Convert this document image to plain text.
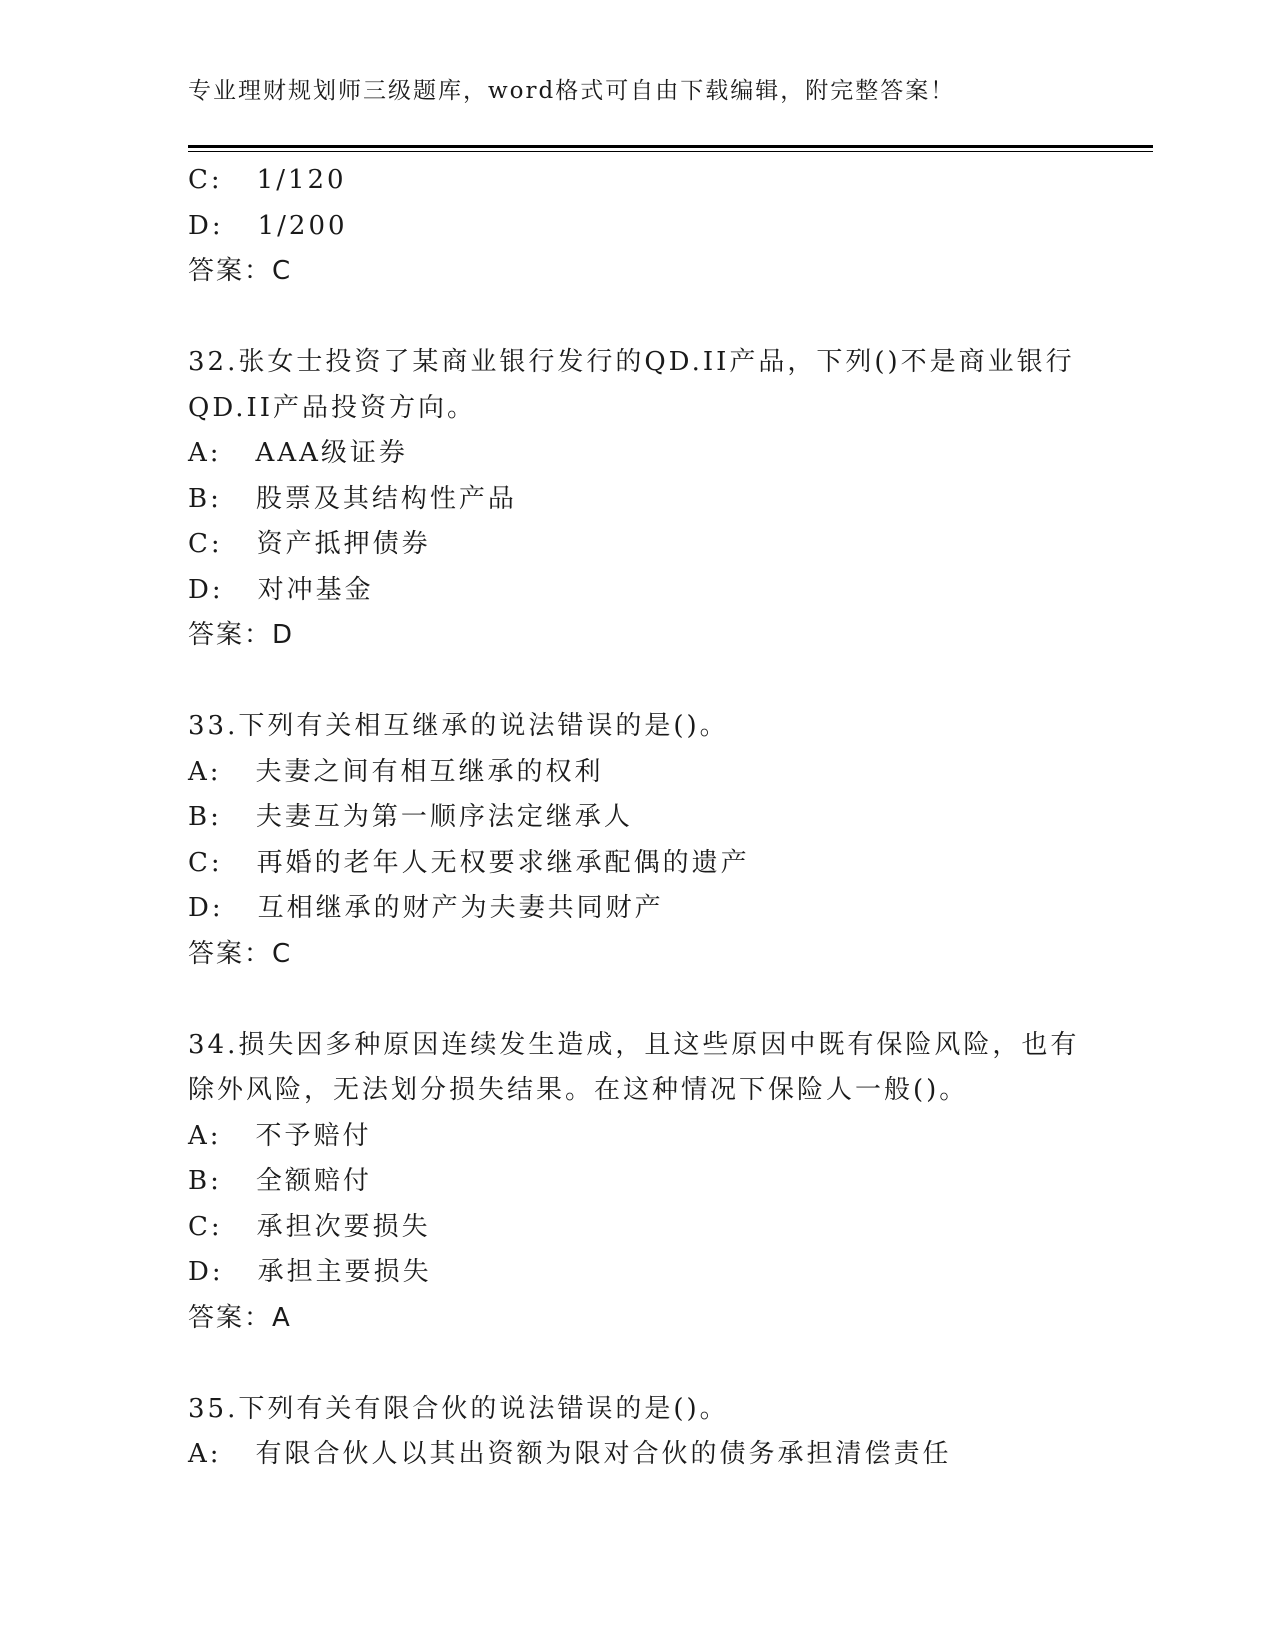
专业理财规划师三级题库，word格式可自由下载编辑，附完整答案！
C: 1/120
D: 1/200
答案：C
32.张女士投资了某商业银行发行的QD.II产品，下列()不是商业银行
QD.II产品投资方向。
A: AAA级证券
B: 股票及其结构性产品
C: 资产抵押债券
D: 对冲基金
答案：D
33.下列有关相互继承的说法错误的是()。
A: 夫妻之间有相互继承的权利
B: 夫妻互为第一顺序法定继承人
C: 再婚的老年人无权要求继承配偶的遗产
D: 互相继承的财产为夫妻共同财产
答案：C
34.损失因多种原因连续发生造成，且这些原因中既有保险风险，也有
除外风险，无法划分损失结果。在这种情况下保险人一般()。
A: 不予赔付
B: 全额赔付
C: 承担次要损失
D: 承担主要损失
答案：A
35.下列有关有限合伙的说法错误的是()。
A: 有限合伙人以其出资额为限对合伙的债务承担清偿责任
